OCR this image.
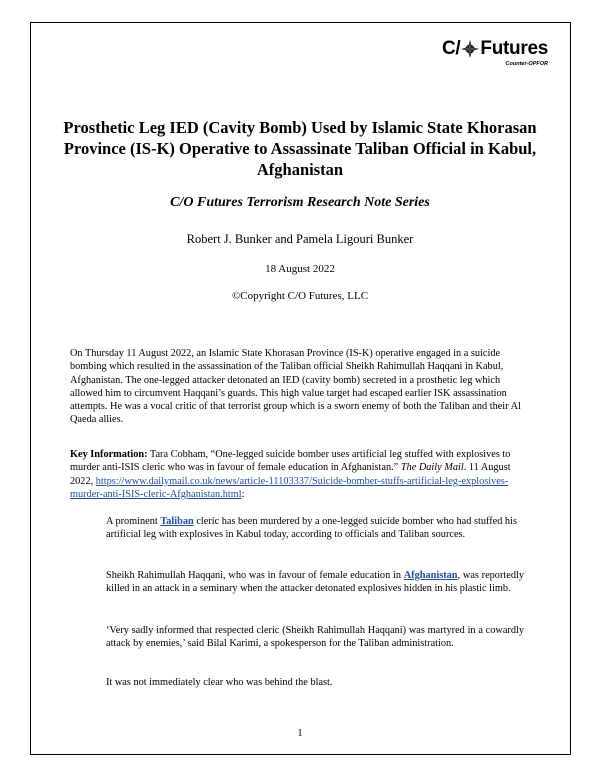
C/ Futures
Counter-OPFOR
Prosthetic Leg IED (Cavity Bomb) Used by Islamic State Khorasan Province (IS-K) Operative to Assassinate Taliban Official in Kabul, Afghanistan
C/O Futures Terrorism Research Note Series
Robert J. Bunker and Pamela Ligouri Bunker
18 August 2022
©Copyright C/O Futures, LLC
On Thursday 11 August 2022, an Islamic State Khorasan Province (IS-K) operative engaged in a suicide bombing which resulted in the assassination of the Taliban official Sheikh Rahimullah Haqqani in Kabul, Afghanistan. The one-legged attacker detonated an IED (cavity bomb) secreted in a prosthetic leg which allowed him to circumvent Haqqani’s guards. This high value target had escaped earlier ISK assassination attempts. He was a vocal critic of that terrorist group which is a sworn enemy of both the Taliban and their Al Qaeda allies.
Key Information: Tara Cobham, “One-legged suicide bomber uses artificial leg stuffed with explosives to murder anti-ISIS cleric who was in favour of female education in Afghanistan.” The Daily Mail. 11 August 2022, https://www.dailymail.co.uk/news/article-11103337/Suicide-bomber-stuffs-artificial-leg-explosives-murder-anti-ISIS-cleric-Afghanistan.html:
A prominent Taliban cleric has been murdered by a one-legged suicide bomber who had stuffed his artificial leg with explosives in Kabul today, according to officials and Taliban sources.
Sheikh Rahimullah Haqqani, who was in favour of female education in Afghanistan, was reportedly killed in an attack in a seminary when the attacker detonated explosives hidden in his plastic limb.
‘Very sadly informed that respected cleric (Sheikh Rahimullah Haqqani) was martyred in a cowardly attack by enemies,’ said Bilal Karimi, a spokesperson for the Taliban administration.
It was not immediately clear who was behind the blast.
1
